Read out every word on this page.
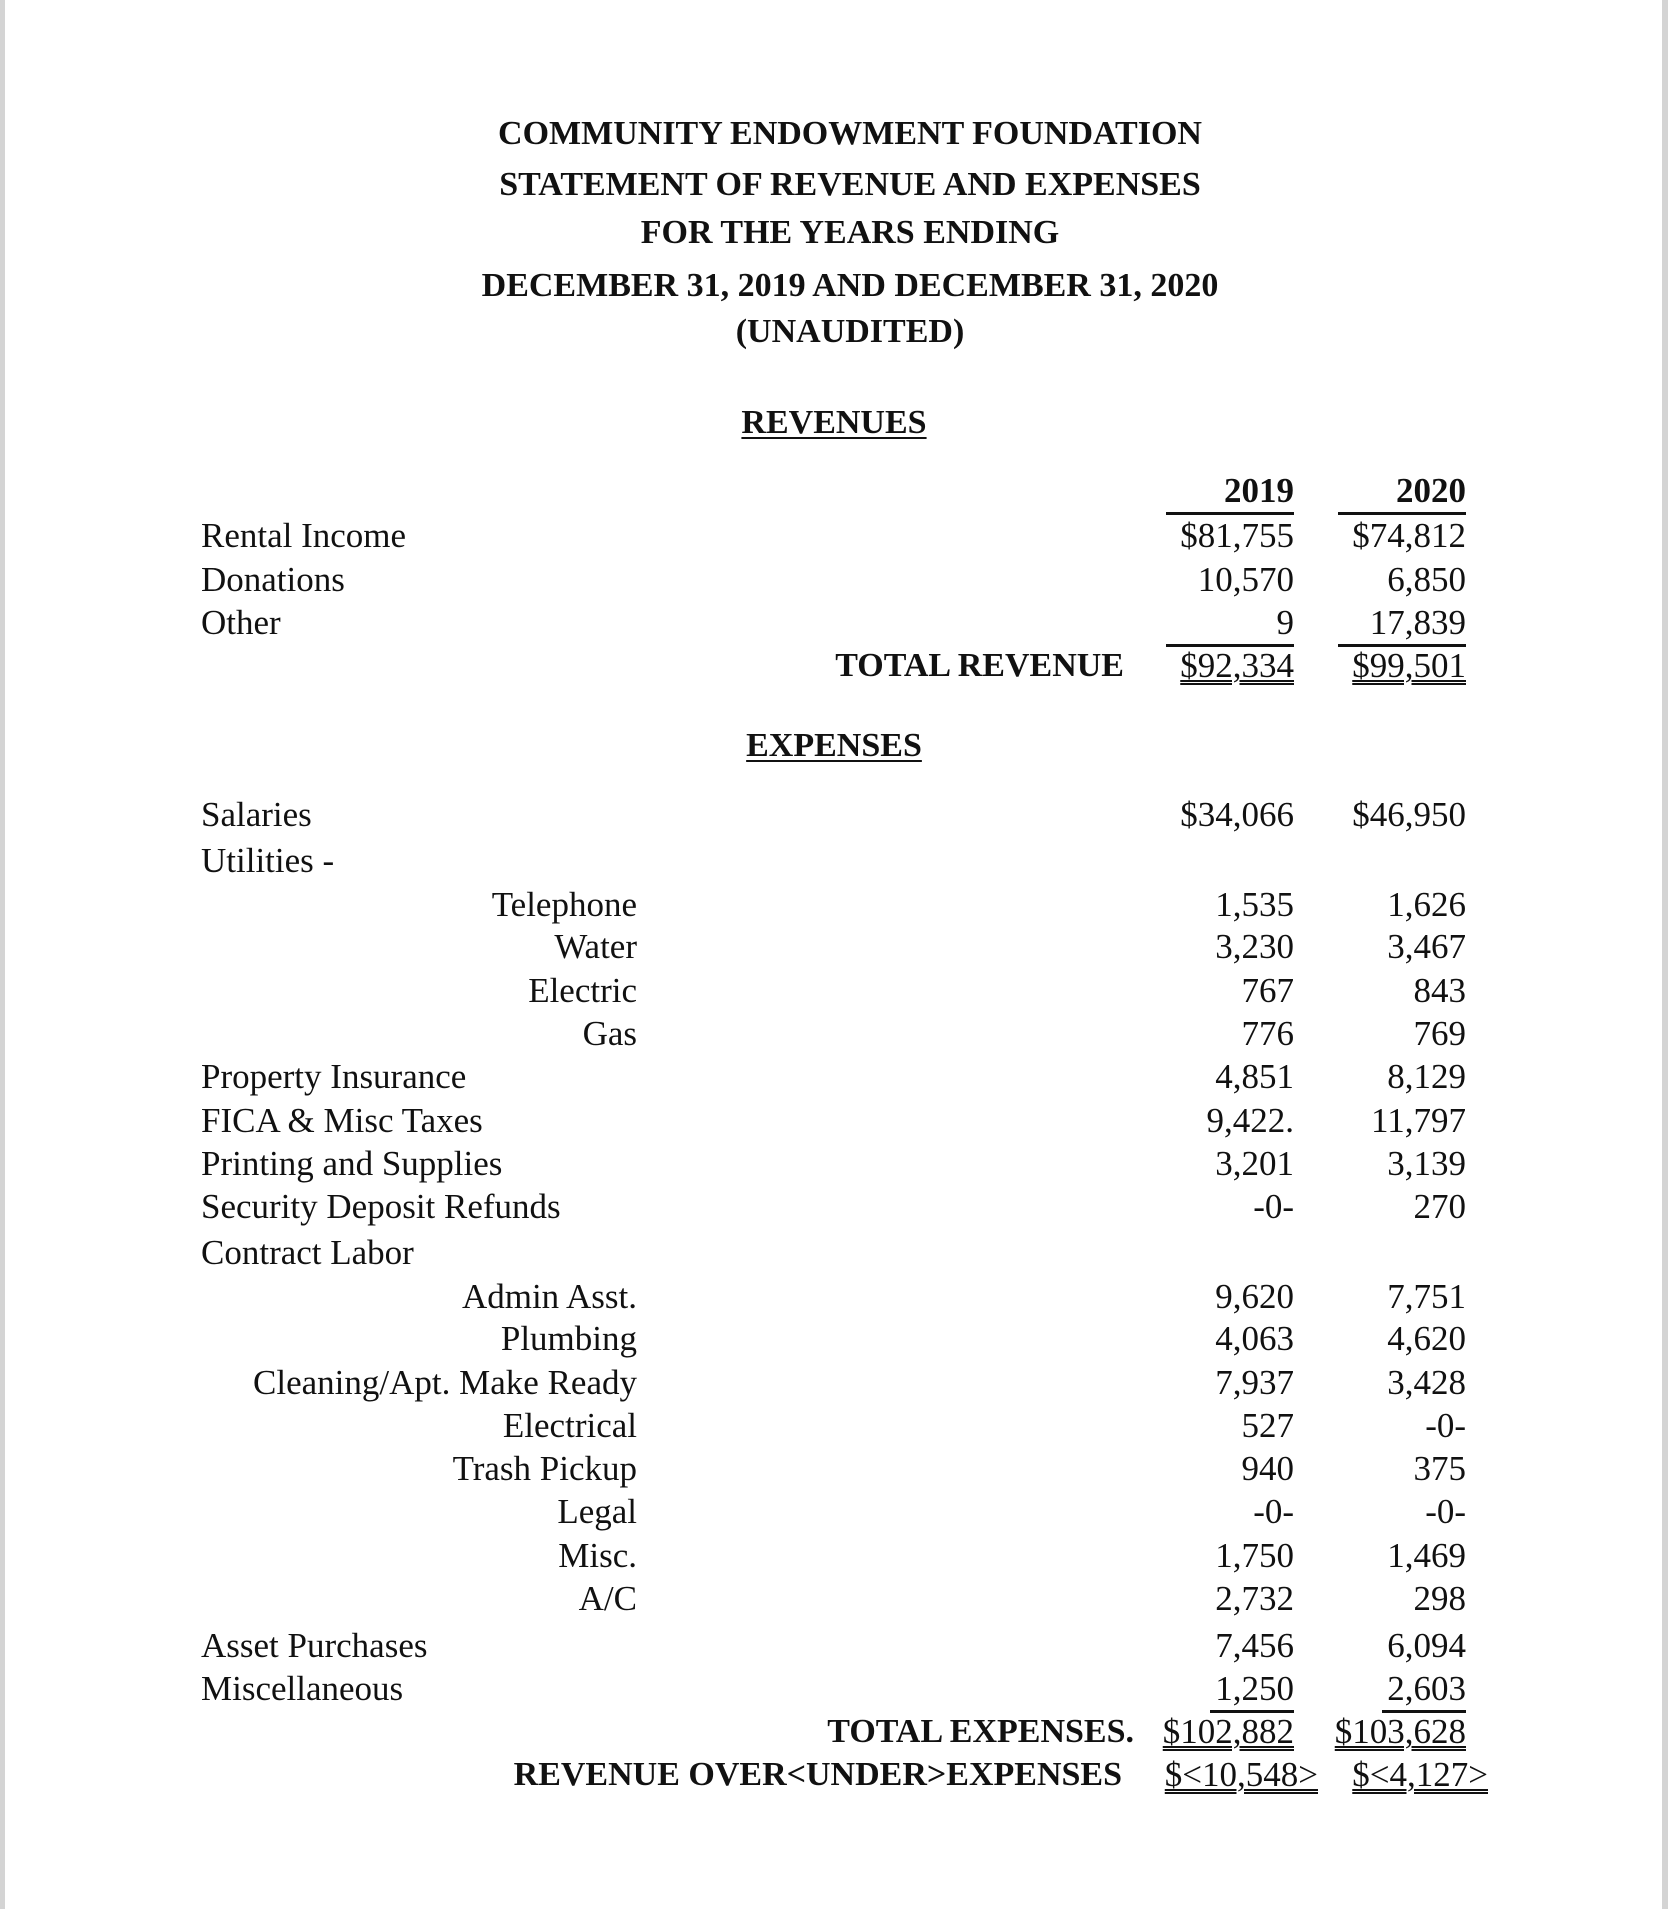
COMMUNITY ENDOWMENT FOUNDATION
STATEMENT OF REVENUE AND EXPENSES
FOR THE YEARS ENDING
DECEMBER 31, 2019 AND DECEMBER 31, 2020
(UNAUDITED)
REVENUES
2019	2020
Rental Income	$81,755 $74,812
Donations	10,570	6,850
Other	9	17,839
TOTAL REVENUE $92,334 $99,501
EXPENSES
Salaries	$34,066 $46,950
Utilities -
Telephone	1,535	1,626
Water	3,230	3,467
Electric	767	843
Gas	776	769
Property Insurance	4,851	8,129
FICA & Misc Taxes	9,422. 11,797
Printing and Supplies	3,201	3,139
Security Deposit Refunds	-0-	270
Contract Labor
Admin Asst.	9,620	7,751
Plumbing	4,063	4,620
Cleaning/Apt. Make Ready	7,937	3,428
Electrical	527	-0-
Trash Pickup	940	375
Legal	-0-	-0-
Misc.	1,750	1,469
A/C	2,732	298
Asset Purchases	7,456	6,094
Miscellaneous	1,250	2,603
TOTAL EXPENSES. $102,882 $103,628
REVENUE OVER<UNDER>EXPENSES $<10,548> $<4,127>
